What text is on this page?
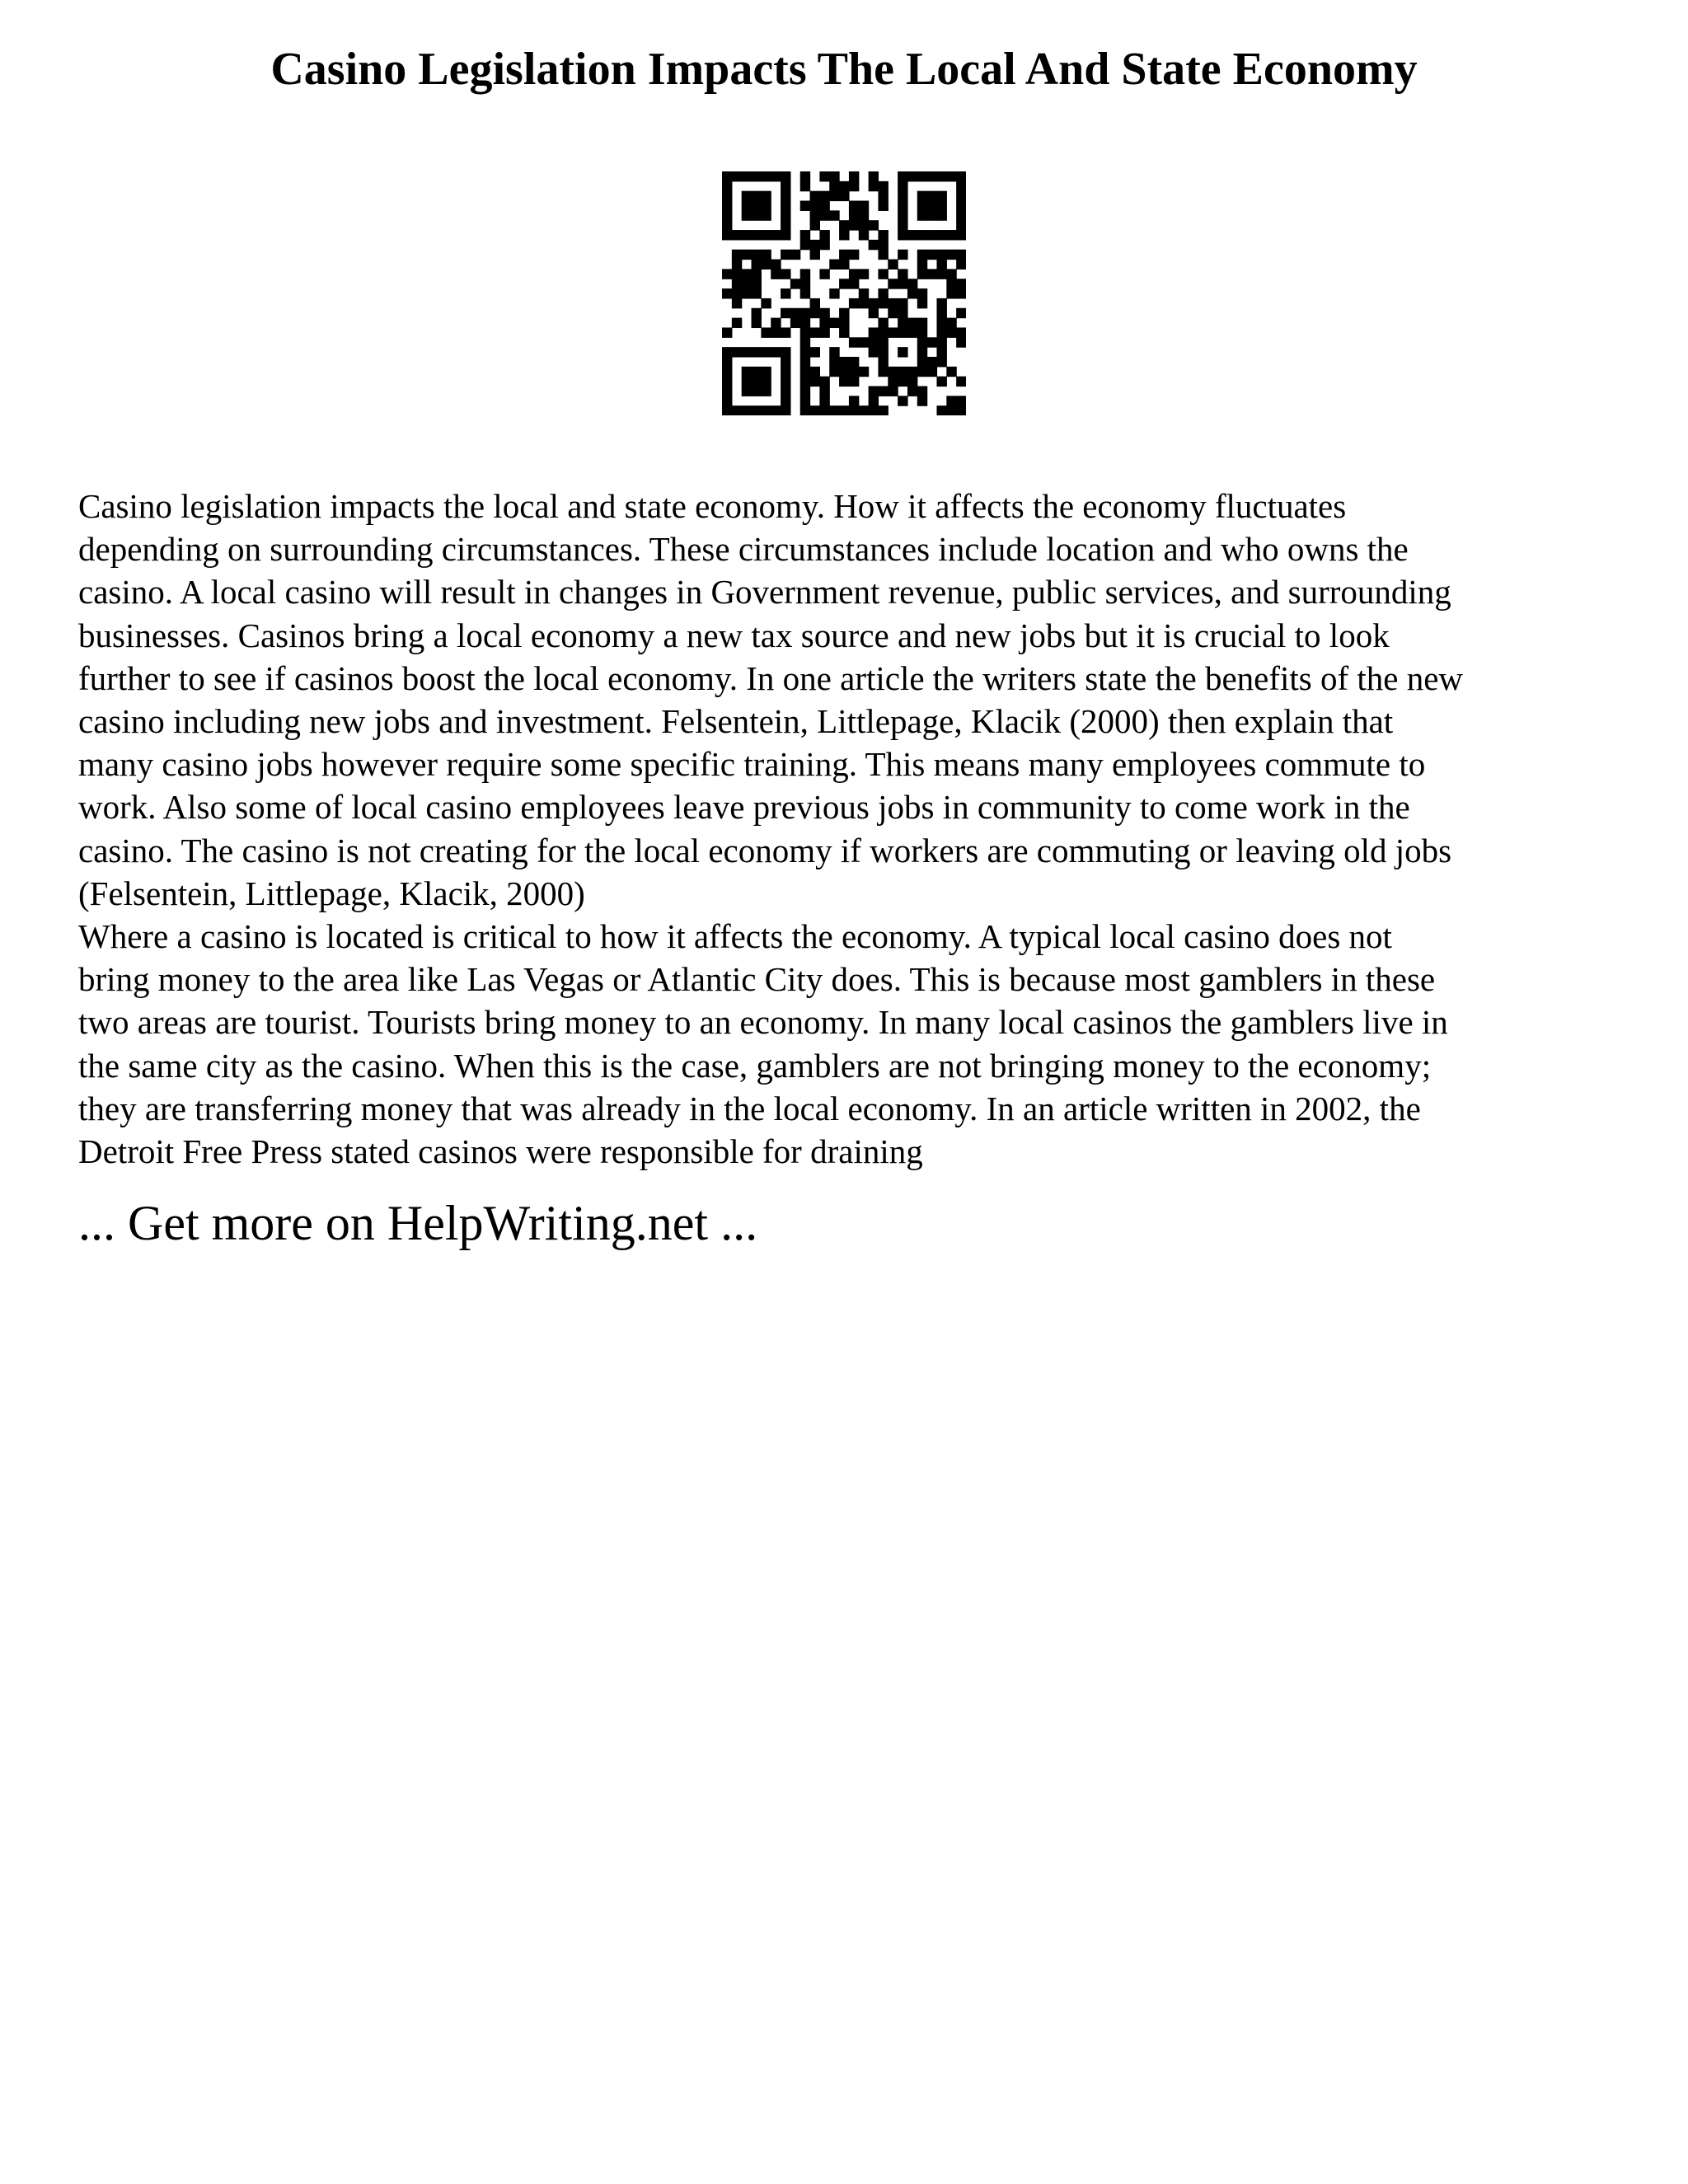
Casino Legislation Impacts The Local And State Economy

Casino legislation impacts the local and state economy. How it affects the economy fluctuates

depending on surrounding circumstances. These circumstances include location and who owns the

casino. A local casino will result in changes in Government revenue, public services, and surrounding

businesses. Casinos bring a local economy a new tax source and new jobs but it is crucial to look

further to see if casinos boost the local economy. In one article the writers state the benefits of the new

casino including new jobs and investment. Felsentein, Littlepage, Klacik (2000) then explain that

many casino jobs however require some specific training. This means many employees commute to

work. Also some of local casino employees leave previous jobs in community to come work in the

casino. The casino is not creating for the local economy if workers are commuting or leaving old jobs

(Felsentein, Littlepage, Klacik, 2000)

Where a casino is located is critical to how it affects the economy. A typical local casino does not

bring money to the area like Las Vegas or Atlantic City does. This is because most gamblers in these

two areas are tourist. Tourists bring money to an economy. In many local casinos the gamblers live in

the same city as the casino. When this is the case, gamblers are not bringing money to the economy;

they are transferring money that was already in the local economy. In an article written in 2002, the

Detroit Free Press stated casinos were responsible for draining

... Get more on HelpWriting.net ...
